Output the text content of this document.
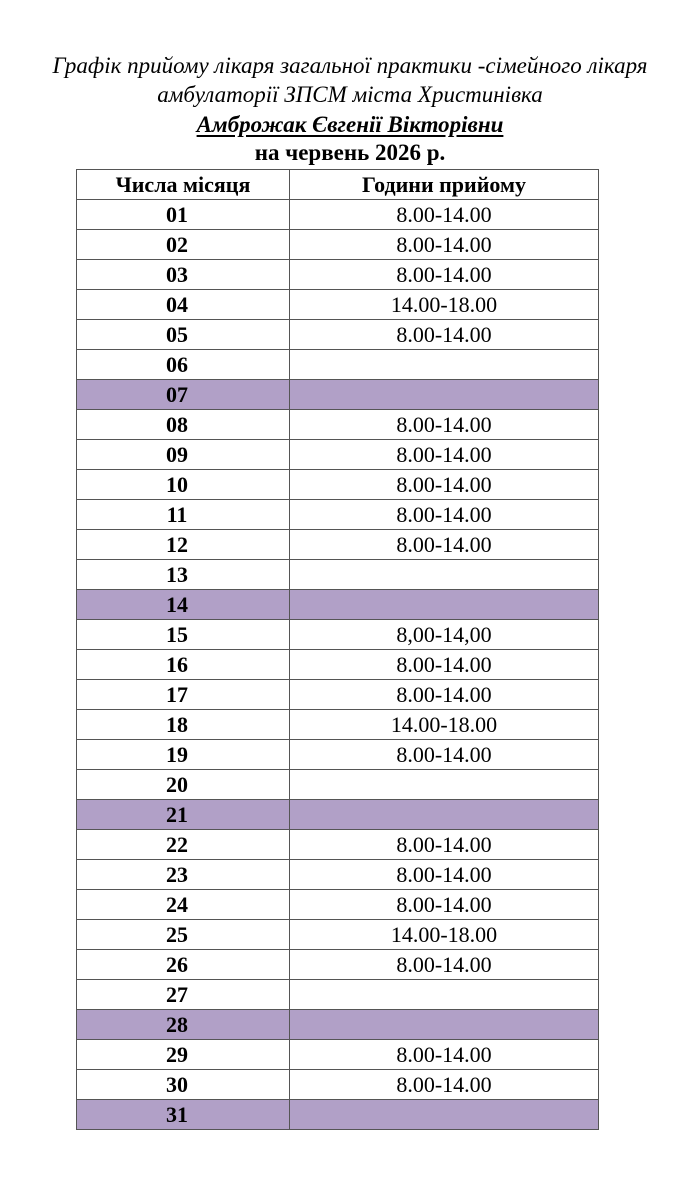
Графік прийому лікаря загальної практики -сімейного лікаря
амбулаторії ЗПСМ міста Христинівка
Амброжак Євгенії Вікторівни
на червень 2026 р.
Числа місяця	Години прийому
01	8.00-14.00
02	8.00-14.00
03	8.00-14.00
04	14.00-18.00
05	8.00-14.00
06	
07	
08	8.00-14.00
09	8.00-14.00
10	8.00-14.00
11	8.00-14.00
12	8.00-14.00
13	
14	
15	8,00-14,00
16	8.00-14.00
17	8.00-14.00
18	14.00-18.00
19	8.00-14.00
20	
21	
22	8.00-14.00
23	8.00-14.00
24	8.00-14.00
25	14.00-18.00
26	8.00-14.00
27	
28	
29	8.00-14.00
30	8.00-14.00
31	
